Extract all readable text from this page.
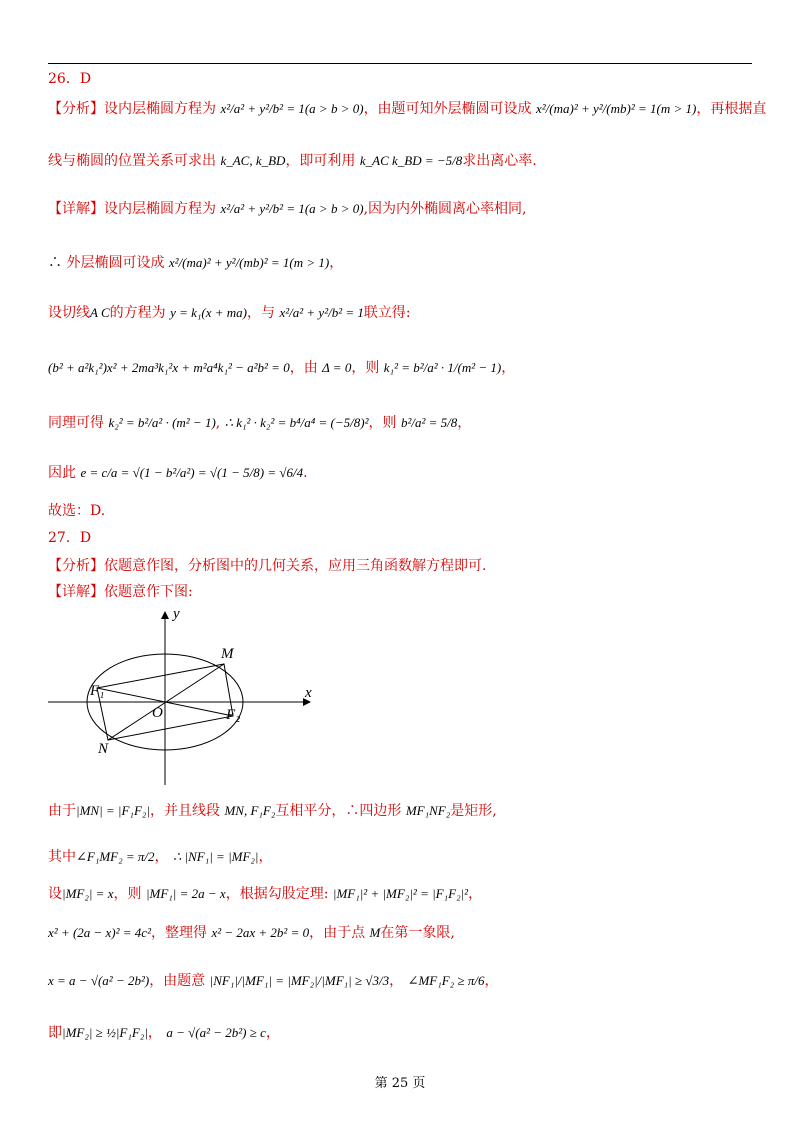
26．D
【分析】设内层椭圆方程为 x²/a² + y²/b² = 1(a > b > 0)，由题可知外层椭圆可设成 x²/(ma)² + y²/(mb)² = 1(m > 1)，再根据直
线与椭圆的位置关系可求出 k_AC, k_BD，即可利用 k_AC k_BD = −5/8求出离心率.
【详解】设内层椭圆方程为 x²/a² + y²/b² = 1(a > b > 0),因为内外椭圆离心率相同,
∴ 外层椭圆可设成 x²/(ma)² + y²/(mb)² = 1(m > 1)，
设切线A C的方程为 y = k₁(x + ma)，与 x²/a² + y²/b² = 1联立得:
(b² + a²k₁²)x² + 2ma³k₁²x + m²a⁴k₁² − a²b² = 0，由 Δ = 0，则 k₁² = b²/a² · 1/(m² − 1)，
同理可得 k₂² = b²/a² · (m² − 1), ∴ k₁² · k₂² = b⁴/a⁴ = (−5/8)²，则 b²/a² = 5/8，
因此 e = c/a = √(1 − b²/a²) = √(1 − 5/8) = √6/4.
故选：D.
27．D
【分析】依题意作图，分析图中的几何关系，应用三角函数解方程即可.
【详解】依题意作下图:
y
x
O
M
N
F₁
F₂
由于|MN| = |F₁F₂|，并且线段 MN, F₁F₂互相平分，∴四边形 MF₁NF₂是矩形,
其中∠F₁MF₂ = π/2， ∴ |NF₁| = |MF₂|，
设|MF₂| = x，则 |MF₁| = 2a − x，根据勾股定理: |MF₁|² + |MF₂|² = |F₁F₂|²，
x² + (2a − x)² = 4c²，整理得 x² − 2ax + 2b² = 0，由于点 M在第一象限,
x = a − √(a² − 2b²)，由题意 |NF₁|/|MF₁| = |MF₂|/|MF₁| ≥ √3/3， ∠MF₁F₂ ≥ π/6，
即|MF₂| ≥ ½|F₁F₂|， a − √(a² − 2b²) ≥ c，
第 25 页
